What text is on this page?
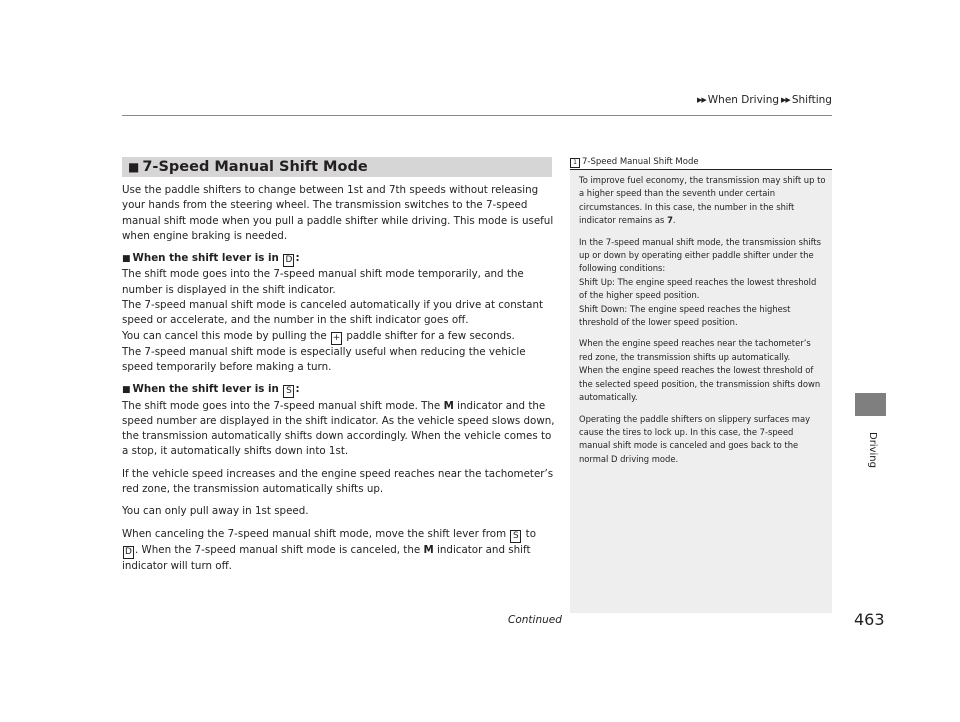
▶▶ When Driving ▶▶ Shifting
Driving
1 7-Speed Manual Shift Mode

To improve fuel economy, the transmission may shift up to a higher speed than the seventh under certain circumstances. In this case, the number in the shift indicator remains as 7.

In the 7-speed manual shift mode, the transmission shifts up or down by operating either paddle shifter under the following conditions:
Shift Up: The engine speed reaches the lowest threshold of the higher speed position.
Shift Down: The engine speed reaches the highest threshold of the lower speed position.

When the engine speed reaches near the tachometer’s red zone, the transmission shifts up automatically.
When the engine speed reaches the lowest threshold of the selected speed position, the transmission shifts down automatically.

Operating the paddle shifters on slippery surfaces may cause the tires to lock up. In this case, the 7-speed manual shift mode is canceled and goes back to the normal D driving mode.

■ 7-Speed Manual Shift Mode

Use the paddle shifters to change between 1st and 7th speeds without releasing your hands from the steering wheel. The transmission switches to the 7-speed manual shift mode when you pull a paddle shifter while driving. This mode is useful when engine braking is needed.

■ When the shift lever is in D :
The shift mode goes into the 7-speed manual shift mode temporarily, and the number is displayed in the shift indicator.
The 7-speed manual shift mode is canceled automatically if you drive at constant speed or accelerate, and the number in the shift indicator goes off.
You can cancel this mode by pulling the + paddle shifter for a few seconds.

The 7-speed manual shift mode is especially useful when reducing the vehicle speed temporarily before making a turn.

■ When the shift lever is in S :

The shift mode goes into the 7-speed manual shift mode. The M indicator and the speed number are displayed in the shift indicator. As the vehicle speed slows down, the transmission automatically shifts down accordingly. When the vehicle comes to a stop, it automatically shifts down into 1st.

If the vehicle speed increases and the engine speed reaches near the tachometer’s red zone, the transmission automatically shifts up.

You can only pull away in 1st speed.

When canceling the 7-speed manual shift mode, move the shift lever from S to
D . When the 7-speed manual shift mode is canceled, the M indicator and shift indicator will turn off.

Continued	463
